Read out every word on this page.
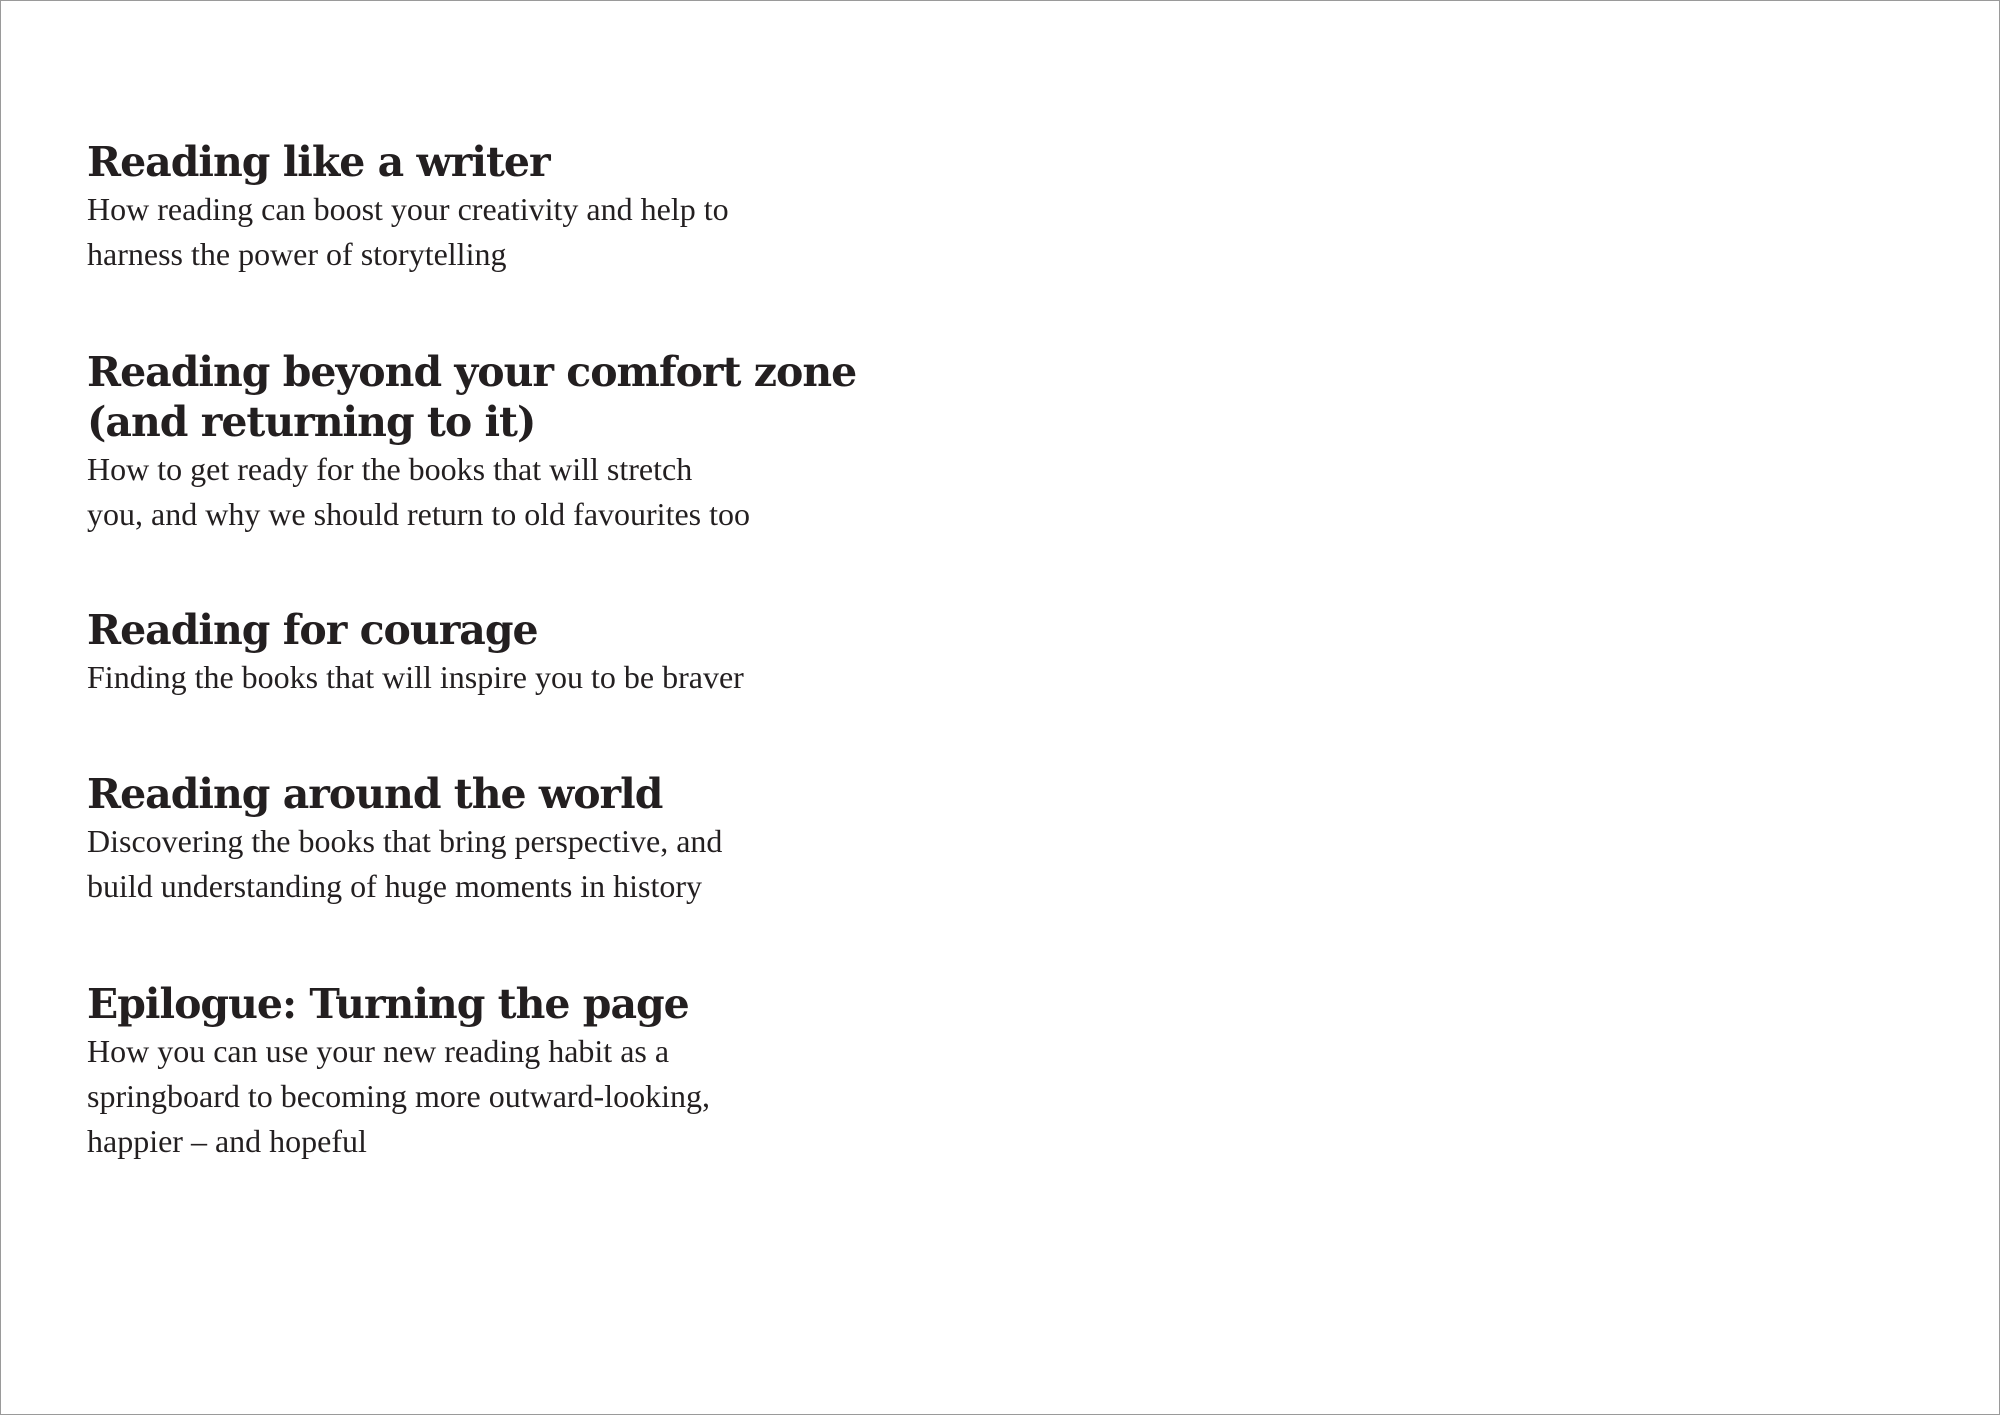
Reading like a writer

How reading can boost your creativity and help to
harness the power of storytelling

Reading beyond your comfort zone
(and returning to it)

How to get ready for the books that will stretch
you, and why we should return to old favourites too

Reading for courage

Finding the books that will inspire you to be braver

Reading around the world

Discovering the books that bring perspective, and
build understanding of huge moments in history

Epilogue: Turning the page

How you can use your new reading habit as a
springboard to becoming more outward-looking,
happier – and hopeful
